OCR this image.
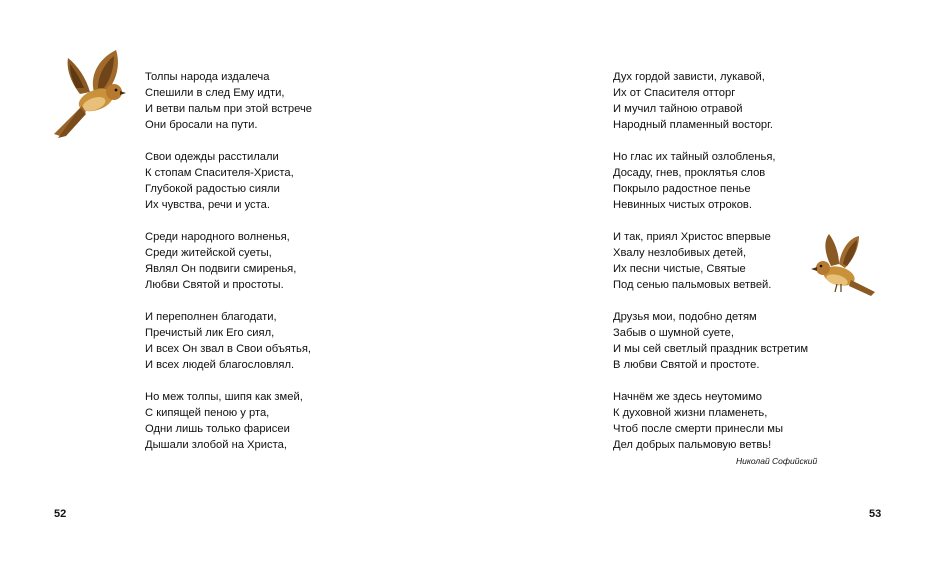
Толпы народа издалеча
Спешили в след Ему идти,
И ветви пальм при этой встрече
Они бросали на пути.
Свои одежды расстилали
К стопам Спасителя-Христа,
Глубокой радостью сияли
Их чувства, речи и уста.
Среди народного волненья,
Среди житейской суеты,
Являл Он подвиги смиренья,
Любви Святой и простоты.
И переполнен благодати,
Пречистый лик Его сиял,
И всех Он звал в Свои объятья,
И всех людей благословлял.
Но меж толпы, шипя как змей,
С кипящей пеною у рта,
Одни лишь только фарисеи
Дышали злобой на Христа,
52
Дух гордой зависти, лукавой,
Их от Спасителя отторг
И мучил тайною отравой
Народный пламенный восторг.
Но глас их тайный озлобленья,
Досаду, гнев, проклятья слов
Покрыло радостное пенье
Невинных чистых отроков.
И так, приял Христос впервые
Хвалу незлобивых детей,
Их песни чистые, Святые
Под сенью пальмовых ветвей.
Друзья мои, подобно детям
Забыв о шумной суете,
И мы сей светлый праздник встретим
В любви Святой и простоте.
Начнём же здесь неутомимо
К духовной жизни пламенеть,
Чтоб после смерти принесли мы
Дел добрых пальмовую ветвь!
Николай Софийский
53
